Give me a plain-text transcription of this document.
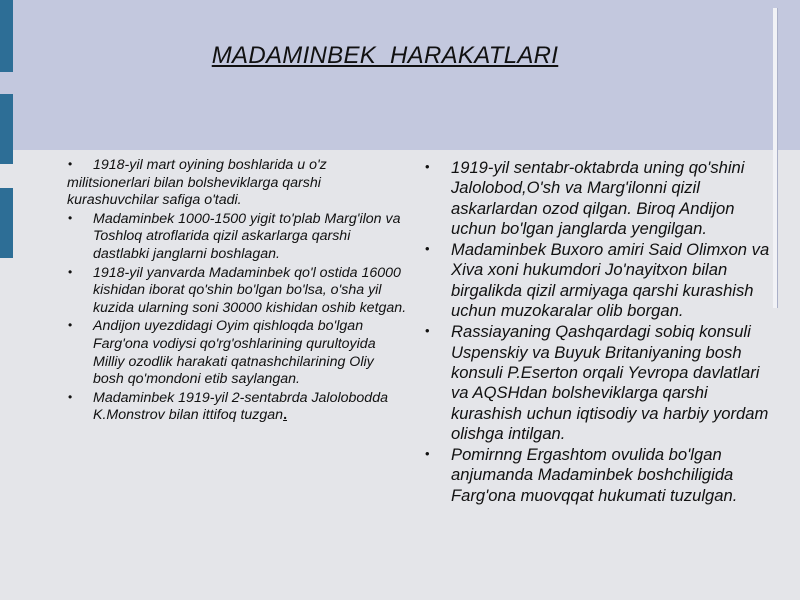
MADAMINBEK  HARAKATLARI
• 1918-yil mart oyining boshlarida u o'z militsionerlari bilan bolsheviklarga qarshi kurashuvchilar safiga o'tadi.
• Madaminbek 1000-1500 yigit to'plab Marg'ilon va Toshloq atroflarida qizil askarlarga qarshi dastlabki janglarni boshlagan.
• 1918-yil yanvarda Madaminbek qo'l ostida 16000 kishidan iborat qo'shin bo'lgan bo'lsa, o'sha yil kuzida ularning soni 30000 kishidan oshib ketgan.
• Andijon uyezdidagi Oyim qishloqda bo'lgan Farg'ona vodiysi qo'rg'oshlarining qurultoyida Milliy ozodlik harakati qatnashchilarining Oliy bosh qo'mondoni etib saylangan.
• Madaminbek 1919-yil 2-sentabrda Jalolobodda K.Monstrov bilan ittifoq tuzgan.
• 1919-yil sentabr-oktabrda uning qo'shini Jalolobod,O'sh va Marg'ilonni qizil askarlardan ozod qilgan. Biroq Andijon uchun bo'lgan janglarda yengilgan.
• Madaminbek Buxoro amiri Said Olimxon va Xiva xoni hukumdori Jo'nayitxon bilan birgalikda qizil armiyaga qarshi kurashish uchun muzokaralar olib borgan.
• Rassiayaning Qashqardagi sobiq konsuli Uspenskiy va Buyuk Britaniyaning bosh konsuli P.Eserton orqali Yevropa davlatlari va AQSHdan bolsheviklarga qarshi kurashish uchun iqtisodiy va harbiy yordam olishga intilgan.
• Pomirnng Ergashtom ovulida bo'lgan anjumanda Madaminbek boshchiligida Farg'ona muovqqat hukumati tuzulgan.
